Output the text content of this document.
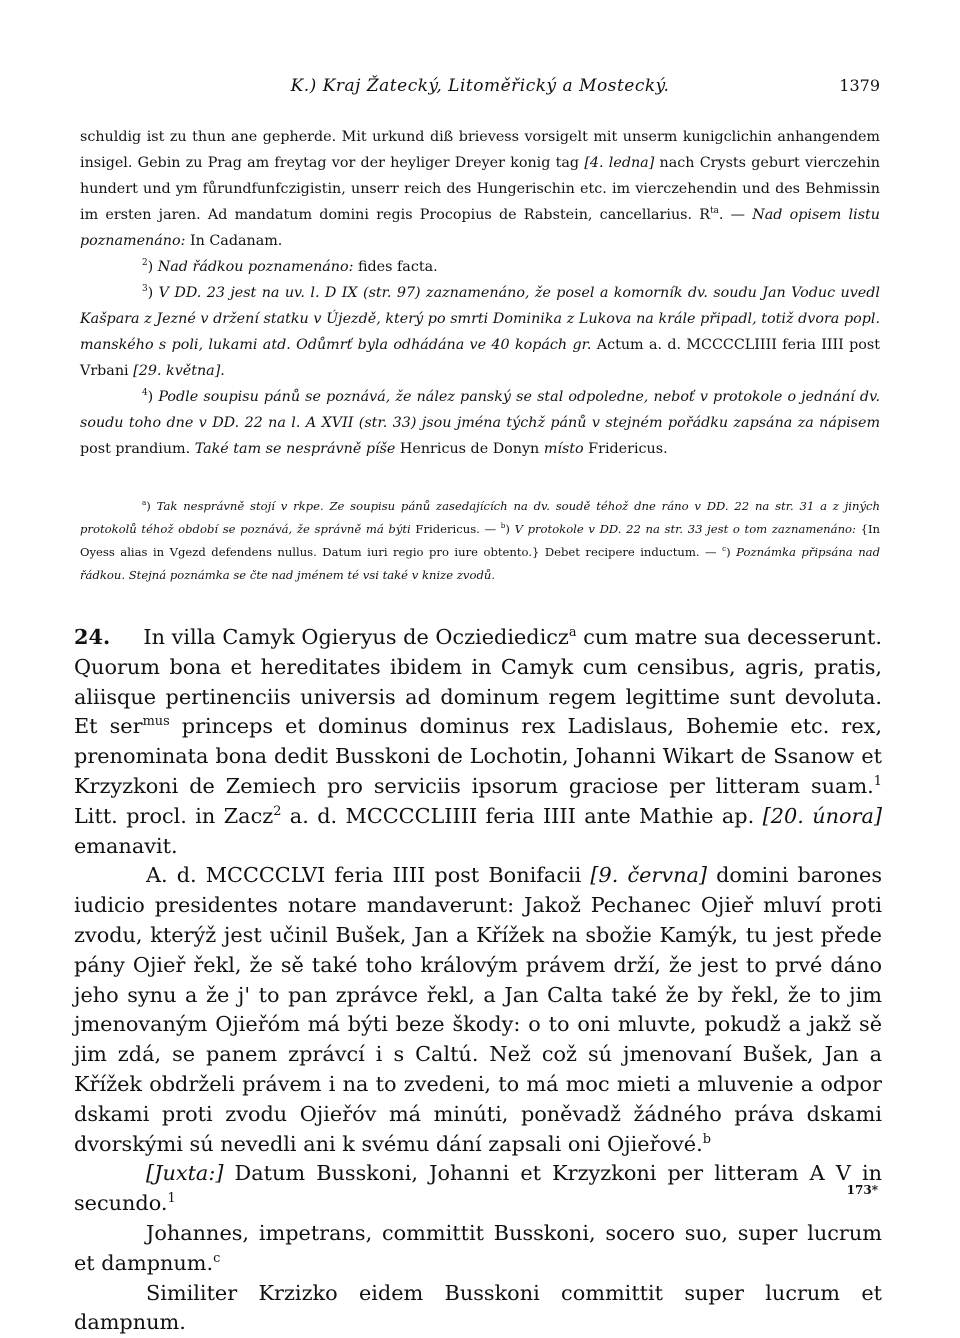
K.) Kraj Žatecký, Litoměřický a Mostecký.	1379

schuldig ist zu thun ane gepherde. Mit urkund diß brievess vorsigelt mit unserm kunigclichin anhangendem insigel. Gebin zu Prag am freytag vor der heyliger Dreyer konig tag [4. ledna] nach Crysts geburt vierczehin hundert und ym fůrundfunfczigistin, unserr reich des Hungerischin etc. im vierczehendin und des Behmissin im ersten jaren. Ad mandatum domini regis Procopius de Rabstein, cancellarius. $R^{ta}$. — Nad opisem listu poznamenáno: In Cadanam.

$^2$) Nad řádkou poznamenáno: fides facta.

$^3$) V DD. 23 jest na uv. l. D IX (str. 97) zaznamenáno, že posel a komorník dv. soudu Jan Voduc uvedl Kašpara z Jezné v držení statku v Újezdě, který po smrti Dominika z Lukova na krále připadl, totiž dvora popl. manského s poli, lukami atd. Odůmrť byla odhádána ve 40 kopách gr. Actum a. d. MCCCCLIIII feria IIII post Vrbani [29. května].

$^4$) Podle soupisu pánů se poznává, že nález panský se stal odpoledne, neboť v protokole o jednání dv. soudu toho dne v DD. 22 na l. A XVII (str. 33) jsou jména týchž pánů v stejném pořádku zapsána za nápisem post prandium. Také tam se nesprávně píše Henricus de Donyn místo Fridericus.

$^a$) Tak nesprávně stojí v rkpe. Ze soupisu pánů zasedajících na dv. soudě téhož dne ráno v DD. 22 na str. 31 a z jiných protokolů téhož období se poznává, že správně má býti Fridericus. — $^b$) V protokole v DD. 22 na str. 33 jest o tom zaznamenáno: {In Oyess alias in Vgezd defendens nullus. Datum iuri regio pro iure obtento.} Debet recipere inductum. — $^c$) Poznámka připsána nad řádkou. Stejná poznámka se čte nad jménem té vsi také v knize zvodů.

24.     In villa Camyk Ogieryus de Ocziediedicz$^a$ cum matre sua decesserunt. Quorum bona et hereditates ibidem in Camyk cum censibus, agris, pratis, aliisque pertinenciis universis ad dominum regem legittime sunt devoluta. Et ser$^{mus}$ princeps et dominus dominus rex Ladislaus, Bohemie etc. rex, prenominata bona dedit Busskoni de Lochotin, Johanni Wikart de Ssanow et Krzyzkoni de Zemiech pro serviciis ipsorum graciose per litteram suam.$^1$ Litt. procl. in Zacz$^2$ a. d. MCCCCLIIII feria IIII ante Mathie ap. [20. února] emanavit.

A. d. MCCCCLVI feria IIII post Bonifacii [9. června] domini barones iudicio presidentes notare mandaverunt: Jakož Pechanec Ojieř mluví proti zvodu, kterýž jest učinil Bušek, Jan a Křížek na sbožie Kamýk, tu jest přede pány Ojieř řekl, že sě také toho královým právem drží, že jest to prvé dáno jeho synu a že j' to pan zprávce řekl, a Jan Calta také že by řekl, že to jim jmenovaným Ojieřóm má býti beze škody: o to oni mluvte, pokudž a jakž sě jim zdá, se panem zprávcí i s Caltú. Než což sú jmenovaní Bušek, Jan a Křížek obdrželi právem i na to zvedeni, to má moc mieti a mluvenie a odpor dskami proti zvodu Ojieřóv má minúti, poněvadž žádného práva dskami dvorskými sú nevedli ani k svému dání zapsali oni Ojieřové.$^b$

[Juxta:] Datum Busskoni, Johanni et Krzyzkoni per litteram A V in secundo.$^1$

Johannes, impetrans, committit Busskoni, socero suo, super lucrum et dampnum.$^c$

Similiter Krzizko eidem Busskoni committit super lucrum et dampnum.

173*
